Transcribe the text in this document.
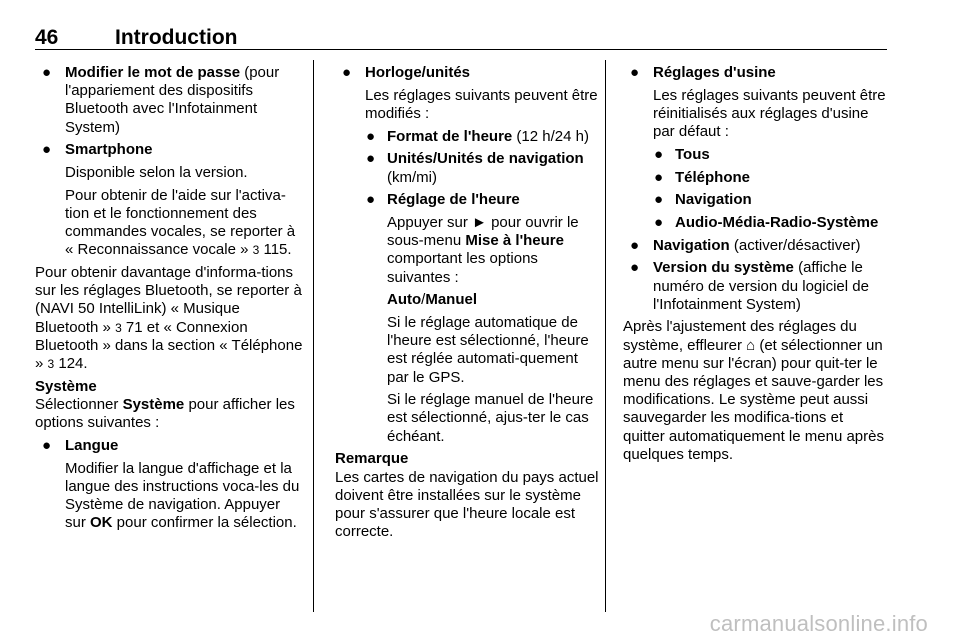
46	Introduction
● Modifier le mot de passe (pour l'appariement des dispositifs Bluetooth avec l'Infotainment System)
● Smartphone

Disponible selon la version.

Pour obtenir de l'aide sur l'activa-tion et le fonctionnement des commandes vocales, se reporter à « Reconnaissance vocale » 3 115.

Pour obtenir davantage d'informa-tions sur les réglages Bluetooth, se reporter à (NAVI 50 IntelliLink) « Musique Bluetooth » 3 71 et « Connexion Bluetooth » dans la section « Téléphone » 3 124.

Système

Sélectionner Système pour afficher les options suivantes :

● Langue

Modifier la langue d'affichage et la langue des instructions voca-les du Système de navigation. Appuyer sur OK pour confirmer la sélection.

● Horloge/unités

Les réglages suivants peuvent être modifiés :

● Format de l'heure (12 h/24 h)
● Unités/Unités de navigation (km/mi)
● Réglage de l'heure

Appuyer sur ► pour ouvrir le sous-menu Mise à l'heure comportant les options suivantes :

Auto/Manuel

Si le réglage automatique de l'heure est sélectionné, l'heure est réglée automati-quement par le GPS.

Si le réglage manuel de l'heure est sélectionné, ajus-ter le cas échéant.

Remarque

Les cartes de navigation du pays actuel doivent être installées sur le système pour s'assurer que l'heure locale est correcte.

● Réglages d'usine

Les réglages suivants peuvent être réinitialisés aux réglages d'usine par défaut :

● Tous
● Téléphone
● Navigation
● Audio-Média-Radio-Système
● Navigation (activer/désactiver)
● Version du système (affiche le numéro de version du logiciel de l'Infotainment System)

Après l'ajustement des réglages du système, effleurer ⌂ (et sélectionner un autre menu sur l'écran) pour quit-ter le menu des réglages et sauve-garder les modifications. Le système peut aussi sauvegarder les modifica-tions et quitter automatiquement le menu après quelques temps.

carmanualsonline.info
